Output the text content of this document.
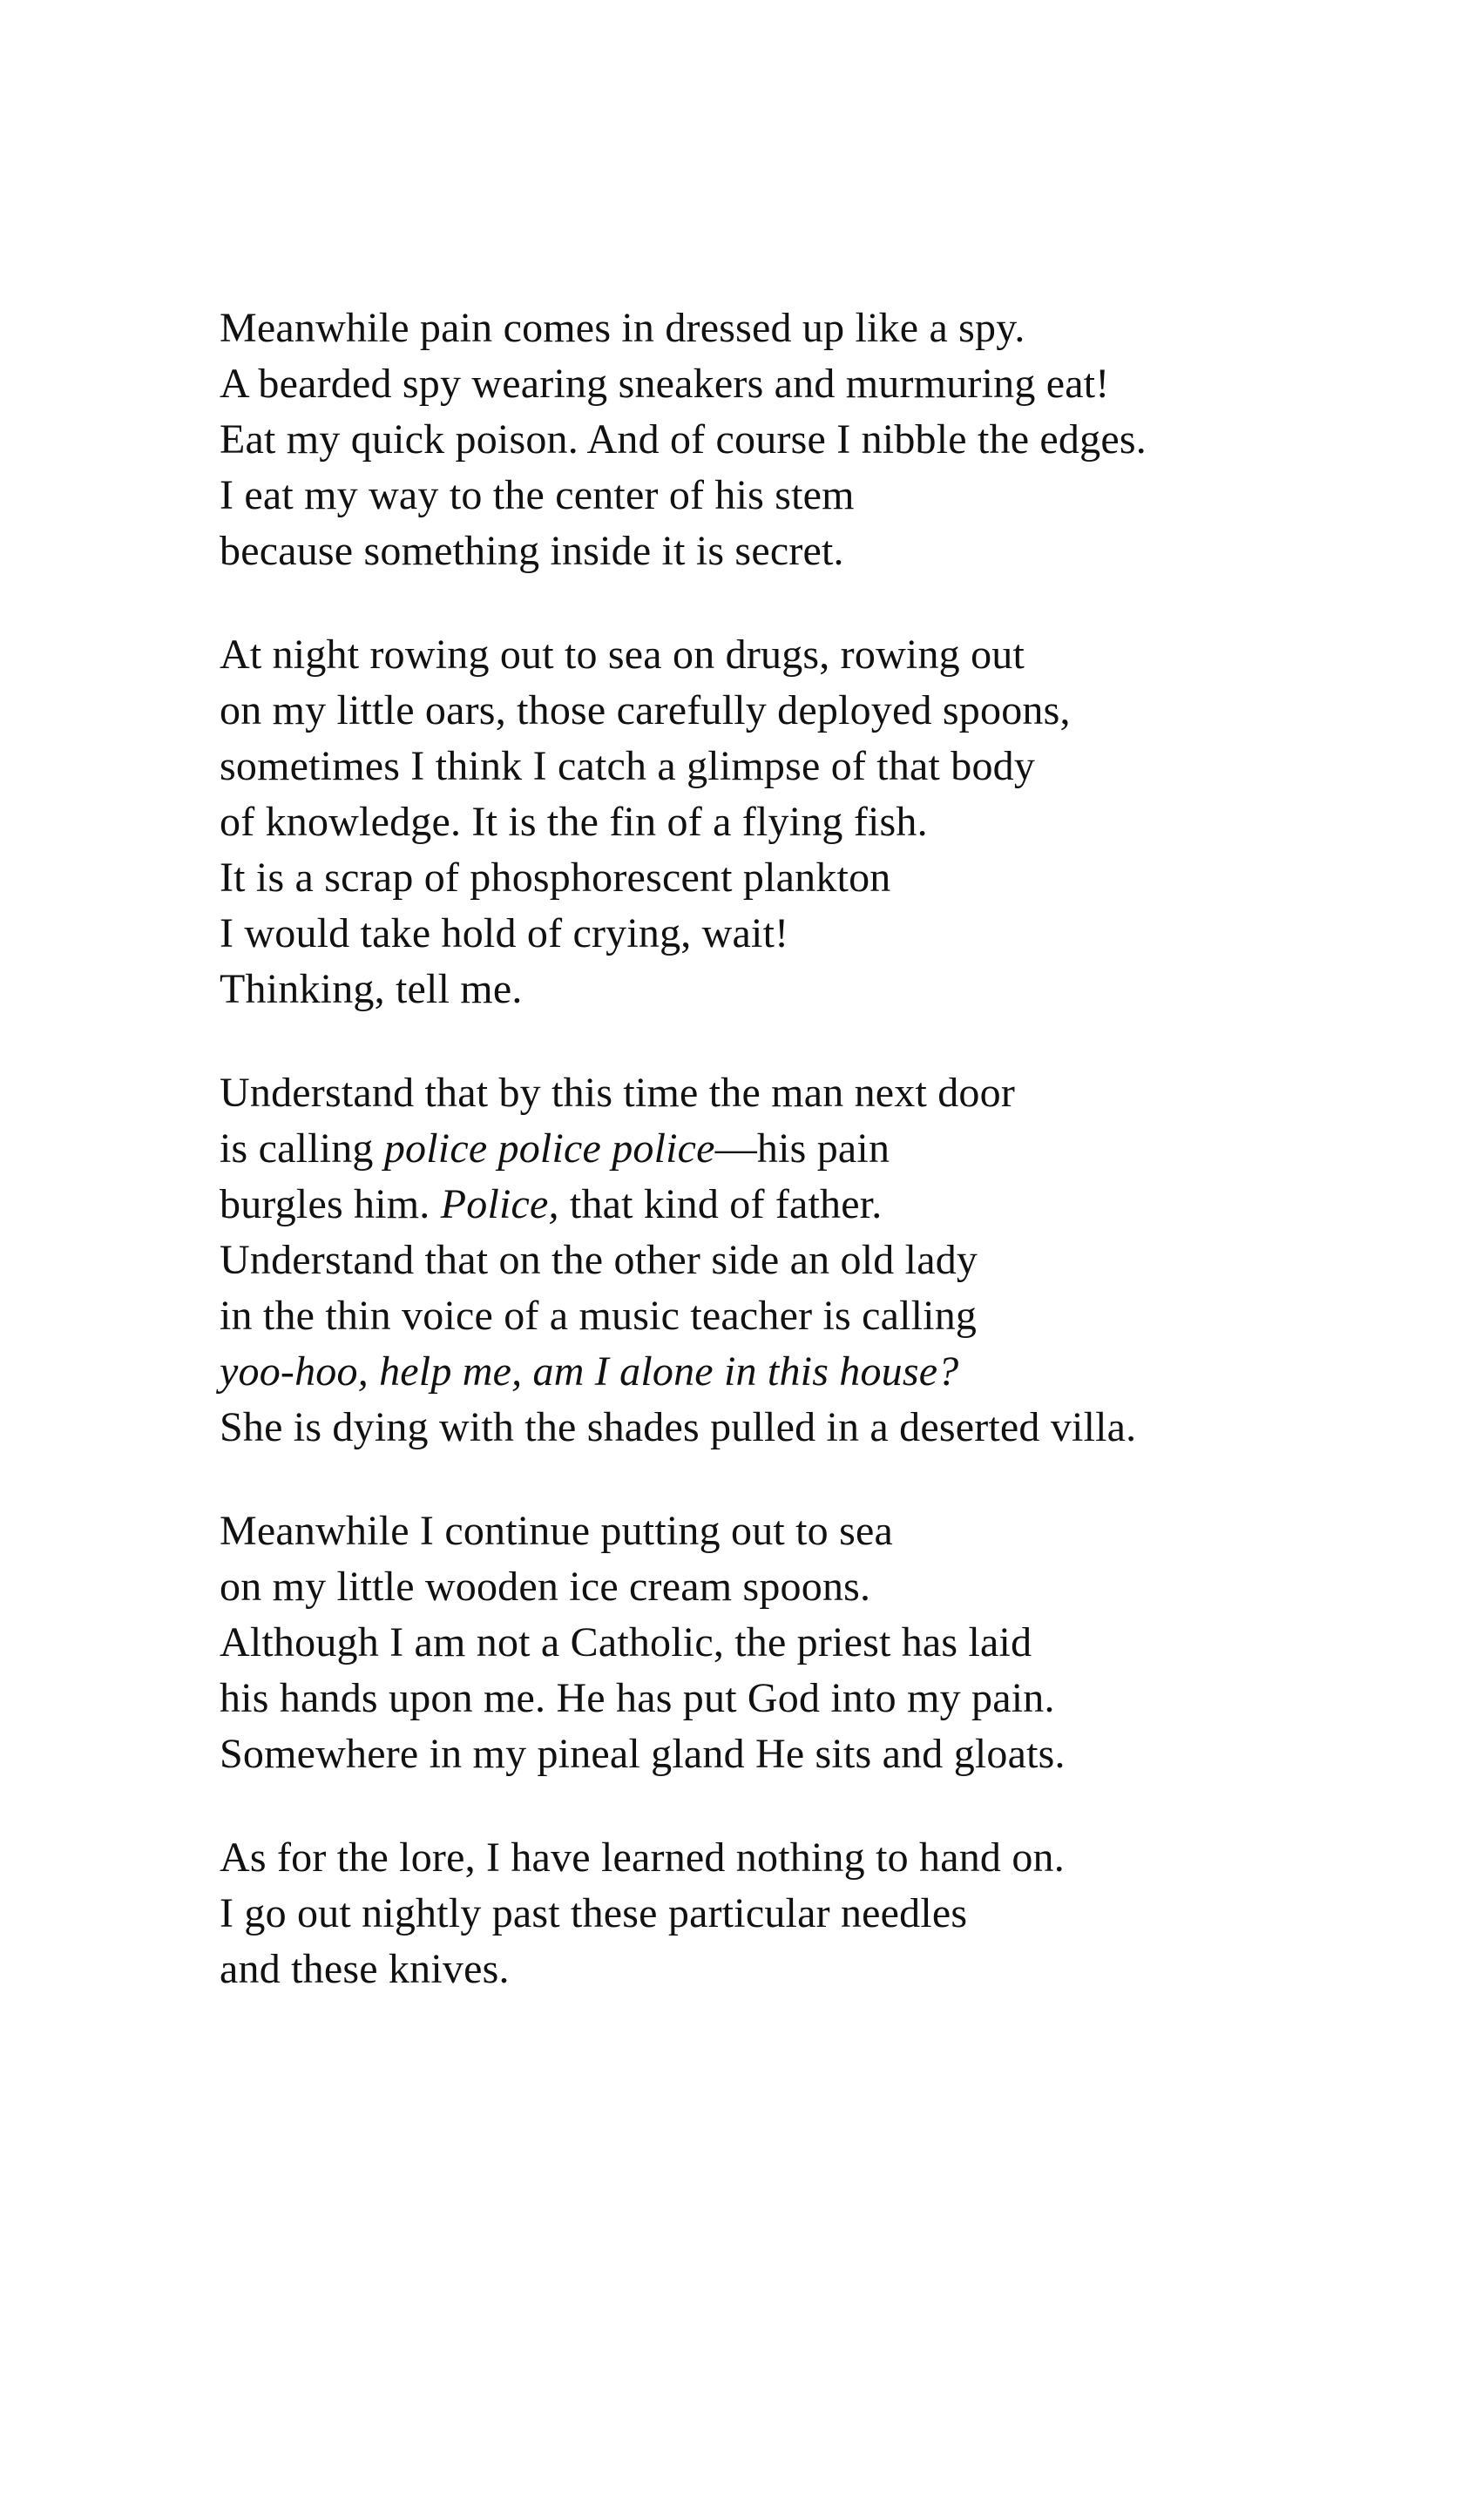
Meanwhile pain comes in dressed up like a spy.
A bearded spy wearing sneakers and murmuring eat!
Eat my quick poison. And of course I nibble the edges.
I eat my way to the center of his stem
because something inside it is secret.
At night rowing out to sea on drugs, rowing out
on my little oars, those carefully deployed spoons,
sometimes I think I catch a glimpse of that body
of knowledge. It is the fin of a flying fish.
It is a scrap of phosphorescent plankton
I would take hold of crying, wait!
Thinking, tell me.
Understand that by this time the man next door
is calling police police police—his pain
burgles him. Police, that kind of father.
Understand that on the other side an old lady
in the thin voice of a music teacher is calling
yoo-hoo, help me, am I alone in this house?
She is dying with the shades pulled in a deserted villa.
Meanwhile I continue putting out to sea
on my little wooden ice cream spoons.
Although I am not a Catholic, the priest has laid
his hands upon me. He has put God into my pain.
Somewhere in my pineal gland He sits and gloats.
As for the lore, I have learned nothing to hand on.
I go out nightly past these particular needles
and these knives.
